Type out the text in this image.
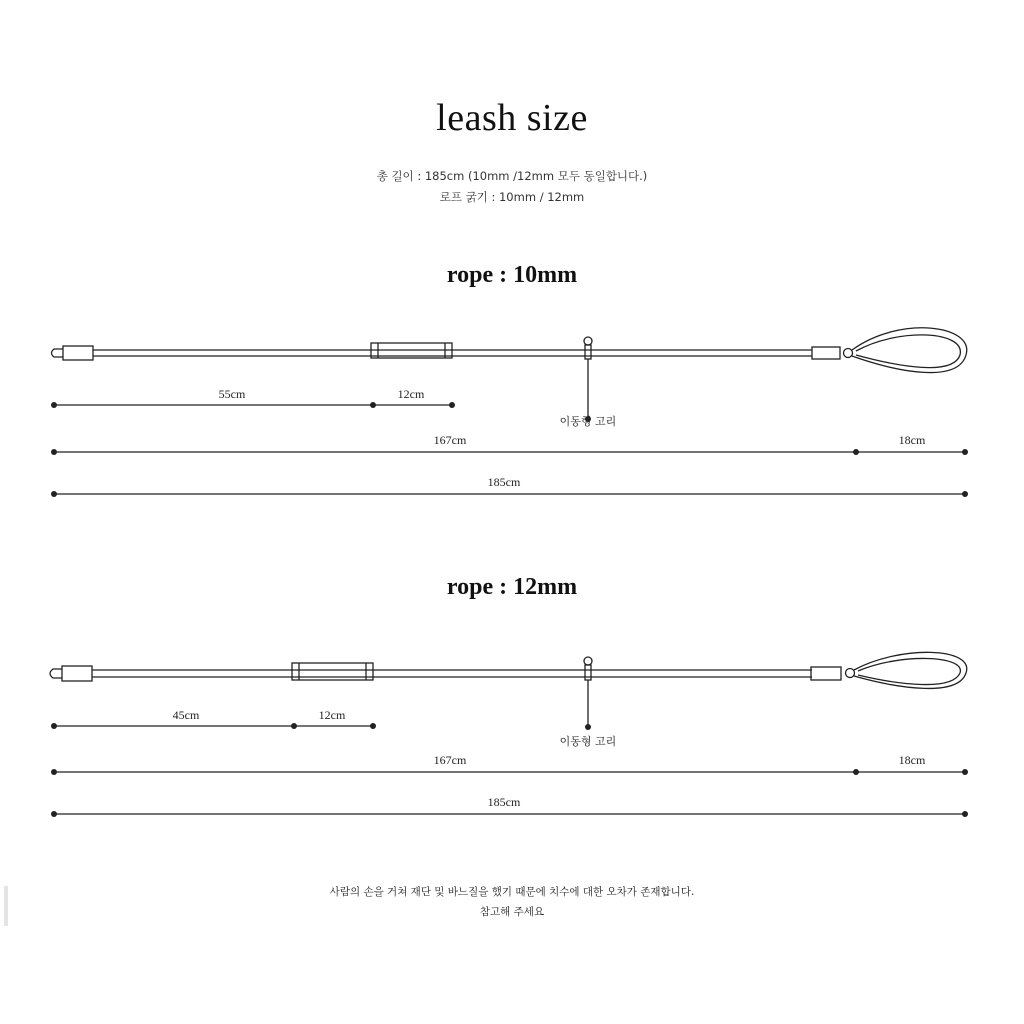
leash size
총 길이 : 185cm (10mm /12mm 모두 동일합니다.)
로프 굵기 : 10mm / 12mm
rope : 10mm
55cm	12cm
이동형 고리
167cm	18cm
185cm
rope : 12mm
45cm	12cm
이동형 고리
167cm	18cm
185cm
사람의 손을 거쳐 재단 및 바느질을 했기 때문에 치수에 대한 오차가 존재합니다.
참고해 주세요
